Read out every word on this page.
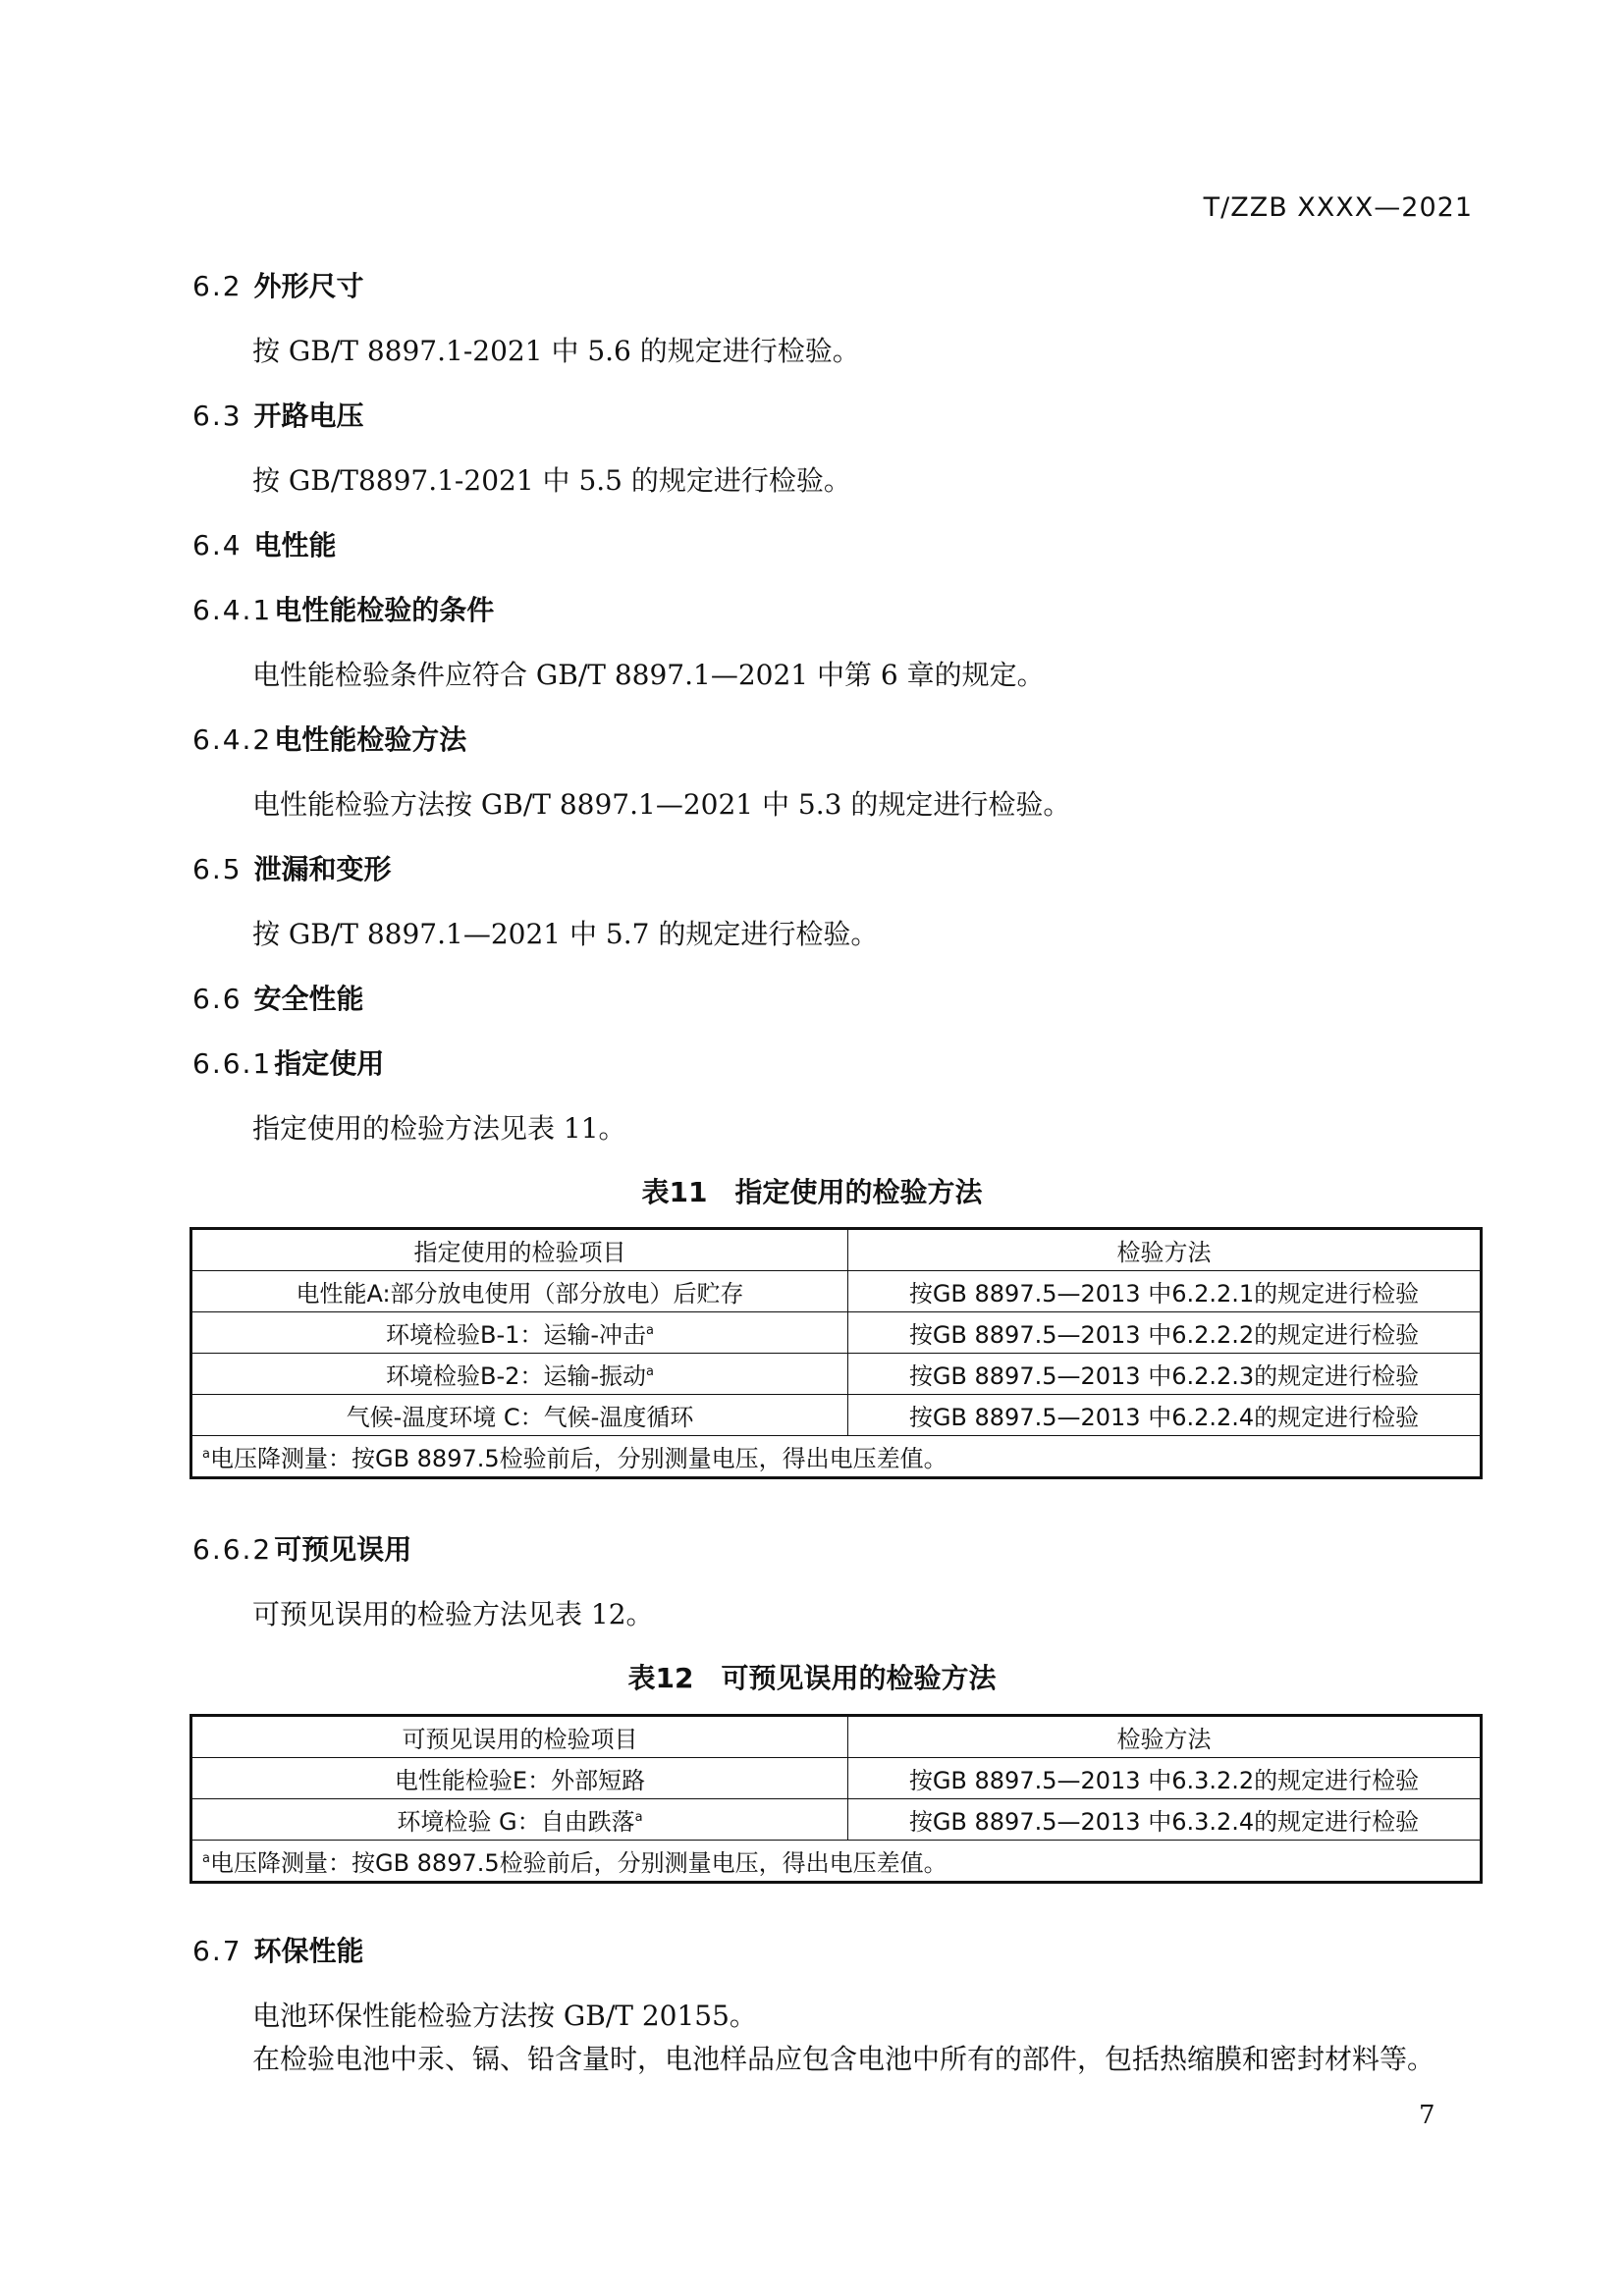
T/ZZB XXXX—2021
6.2 外形尺寸
按 GB/T 8897.1-2021 中 5.6 的规定进行检验。
6.3 开路电压
按 GB/T8897.1-2021 中 5.5 的规定进行检验。
6.4 电性能
6.4.1电性能检验的条件
电性能检验条件应符合 GB/T 8897.1—2021 中第 6 章的规定。
6.4.2电性能检验方法
电性能检验方法按 GB/T 8897.1—2021 中 5.3 的规定进行检验。
6.5 泄漏和变形
按 GB/T 8897.1—2021 中 5.7 的规定进行检验。
6.6 安全性能
6.6.1指定使用
指定使用的检验方法见表 11。
表11　指定使用的检验方法
指定使用的检验项目	检验方法
电性能A:部分放电使用（部分放电）后贮存	按GB 8897.5—2013 中6.2.2.1的规定进行检验
环境检验B-1：运输-冲击$^a$	按GB 8897.5—2013 中6.2.2.2的规定进行检验
环境检验B-2：运输-振动$^a$	按GB 8897.5—2013 中6.2.2.3的规定进行检验
气候-温度环境 C：气候-温度循环	按GB 8897.5—2013 中6.2.2.4的规定进行检验
$^a$电压降测量：按GB 8897.5检验前后，分别测量电压，得出电压差值。	
6.6.2可预见误用
可预见误用的检验方法见表 12。
表12　可预见误用的检验方法
可预见误用的检验项目	检验方法
电性能检验E：外部短路	按GB 8897.5—2013 中6.3.2.2的规定进行检验
环境检验 G：自由跌落$^a$	按GB 8897.5—2013 中6.3.2.4的规定进行检验
$^a$电压降测量：按GB 8897.5检验前后，分别测量电压，得出电压差值。	
6.7 环保性能
电池环保性能检验方法按 GB/T 20155。
在检验电池中汞、镉、铅含量时，电池样品应包含电池中所有的部件，包括热缩膜和密封材料等。
7
